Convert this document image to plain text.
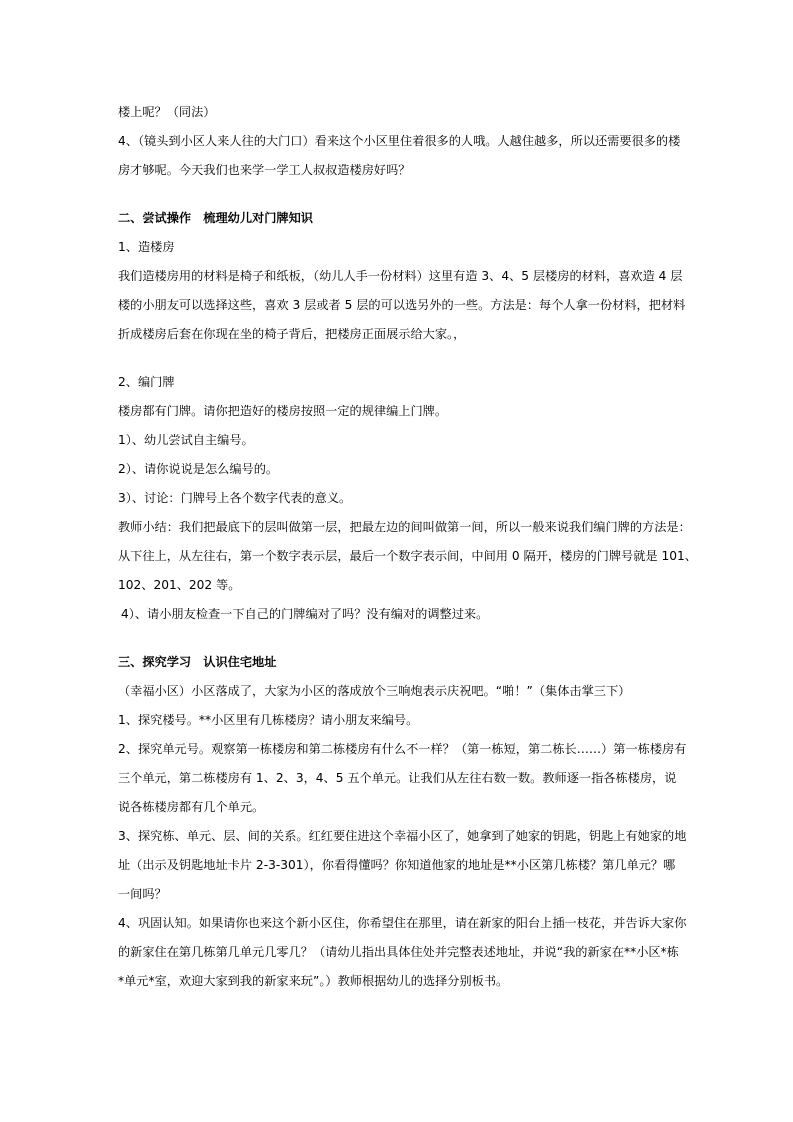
楼上呢？（同法）
4、（镜头到小区人来人往的大门口）看来这个小区里住着很多的人哦。人越住越多，所以还需要很多的楼
房才够呢。今天我们也来学一学工人叔叔造楼房好吗？
二、尝试操作　梳理幼儿对门牌知识
1、造楼房
我们造楼房用的材料是椅子和纸板，（幼儿人手一份材料）这里有造 3、4、5 层楼房的材料，喜欢造 4 层
楼的小朋友可以选择这些，喜欢 3 层或者 5 层的可以选另外的一些。方法是：每个人拿一份材料，把材料
折成楼房后套在你现在坐的椅子背后，把楼房正面展示给大家。，
2、编门牌
楼房都有门牌。请你把造好的楼房按照一定的规律编上门牌。
1）、幼儿尝试自主编号。
2）、请你说说是怎么编号的。
3）、讨论：门牌号上各个数字代表的意义。
教师小结：我们把最底下的层叫做第一层，把最左边的间叫做第一间，所以一般来说我们编门牌的方法是：
从下往上，从左往右，第一个数字表示层，最后一个数字表示间，中间用 0 隔开，楼房的门牌号就是 101、
102、201、202 等。
4）、请小朋友检查一下自己的门牌编对了吗？没有编对的调整过来。
三、探究学习　认识住宅地址
（幸福小区）小区落成了，大家为小区的落成放个三响炮表示庆祝吧。“啪！”（集体击掌三下）
1、探究楼号。**小区里有几栋楼房？请小朋友来编号。
2、探究单元号。观察第一栋楼房和第二栋楼房有什么不一样？（第一栋短，第二栋长……）第一栋楼房有
三个单元，第二栋楼房有 1、2、3，4、5 五个单元。让我们从左往右数一数。教师逐一指各栋楼房，说
说各栋楼房都有几个单元。
3、探究栋、单元、层、间的关系。红红要住进这个幸福小区了，她拿到了她家的钥匙，钥匙上有她家的地
址（出示及钥匙地址卡片 2-3-301），你看得懂吗？你知道他家的地址是**小区第几栋楼？第几单元？哪
一间吗？
4、巩固认知。如果请你也来这个新小区住，你希望住在那里，请在新家的阳台上插一枝花，并告诉大家你
的新家住在第几栋第几单元几零几？（请幼儿指出具体住处并完整表述地址，并说“我的新家在**小区*栋
*单元*室，欢迎大家到我的新家来玩”。）教师根据幼儿的选择分别板书。
